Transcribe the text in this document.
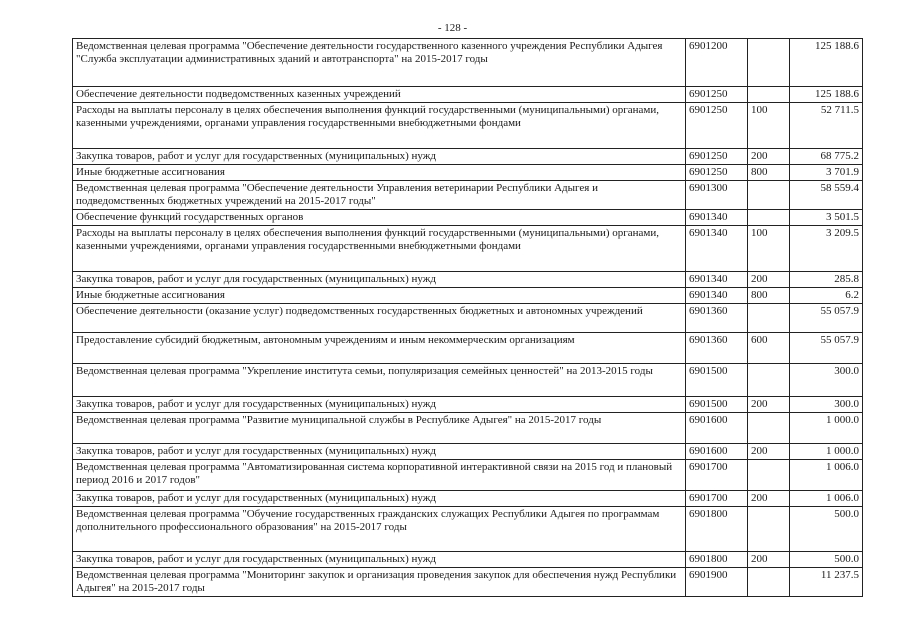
- 128 -
Ведомственная целевая программа "Обеспечение деятельности государственного казенного учреждения Республики Адыгея "Служба эксплуатации административных зданий и автотранспорта" на 2015-2017 годы	6901200		125 188.6
Обеспечение деятельности подведомственных казенных учреждений	6901250		125 188.6
Расходы на выплаты персоналу в целях обеспечения выполнения функций государственными (муниципальными) органами, казенными учреждениями, органами управления государственными внебюджетными фондами	6901250	100	52 711.5
Закупка товаров, работ и услуг для государственных (муниципальных) нужд	6901250	200	68 775.2
Иные бюджетные ассигнования	6901250	800	3 701.9
Ведомственная целевая программа "Обеспечение деятельности Управления ветеринарии Республики Адыгея и подведомственных бюджетных учреждений на 2015-2017 годы"	6901300		58 559.4
Обеспечение функций государственных органов	6901340		3 501.5
Расходы на выплаты персоналу в целях обеспечения выполнения функций государственными (муниципальными) органами, казенными учреждениями, органами управления государственными внебюджетными фондами	6901340	100	3 209.5
Закупка товаров, работ и услуг для государственных (муниципальных) нужд	6901340	200	285.8
Иные бюджетные ассигнования	6901340	800	6.2
Обеспечение деятельности (оказание услуг) подведомственных государственных бюджетных и автономных учреждений	6901360		55 057.9
Предоставление субсидий бюджетным, автономным учреждениям и иным некоммерческим организациям	6901360	600	55 057.9
Ведомственная целевая программа "Укрепление института семьи, популяризация семейных ценностей" на 2013-2015 годы	6901500		300.0
Закупка товаров, работ и услуг для государственных (муниципальных) нужд	6901500	200	300.0
Ведомственная целевая программа "Развитие муниципальной службы в Республике Адыгея" на 2015-2017 годы	6901600		1 000.0
Закупка товаров, работ и услуг для государственных (муниципальных) нужд	6901600	200	1 000.0
Ведомственная целевая программа "Автоматизированная система корпоративной интерактивной связи на 2015 год и плановый период 2016 и 2017 годов"	6901700		1 006.0
Закупка товаров, работ и услуг для государственных (муниципальных) нужд	6901700	200	1 006.0
Ведомственная целевая программа "Обучение государственных гражданских служащих Республики Адыгея по программам дополнительного профессионального образования" на 2015-2017 годы	6901800		500.0
Закупка товаров, работ и услуг для государственных (муниципальных) нужд	6901800	200	500.0
Ведомственная целевая программа "Мониторинг закупок и организация проведения закупок для обеспечения нужд Республики Адыгея" на 2015-2017 годы	6901900		11 237.5
